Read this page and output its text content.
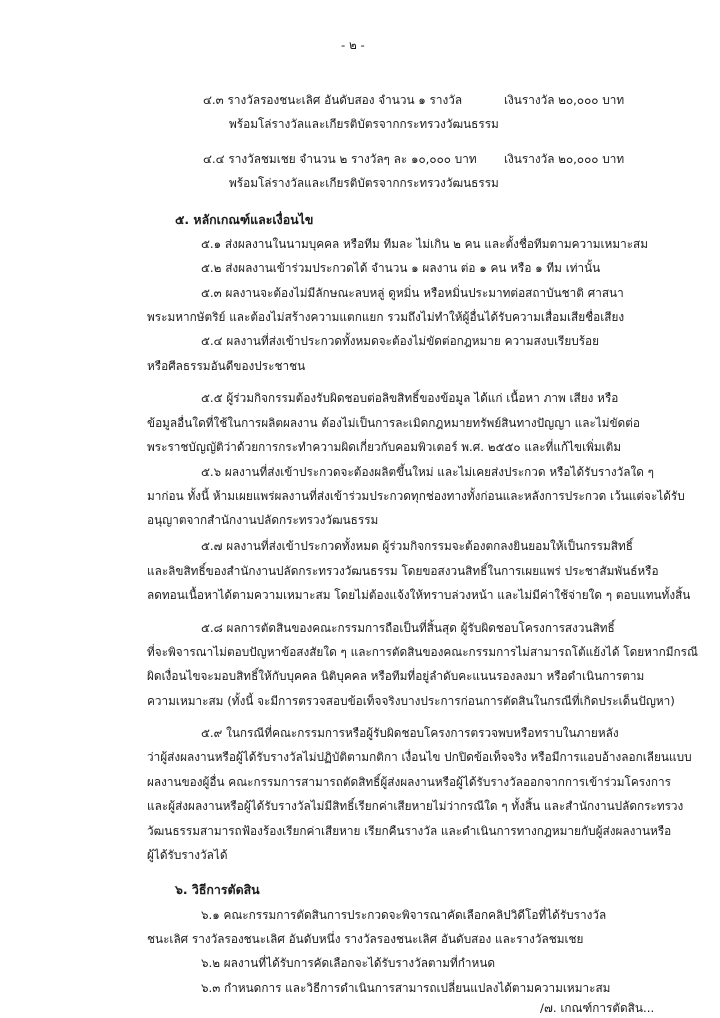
- ๒ -
๔.๓ รางวัลรองชนะเลิศ อันดับสอง จำนวน ๑ รางวัล	เงินรางวัล ๒๐,๐๐๐ บาท
พร้อมโล่รางวัลและเกียรติบัตรจากกระทรวงวัฒนธรรม
๔.๔ รางวัลชมเชย จำนวน ๒ รางวัลๆ ละ ๑๐,๐๐๐ บาท เงินรางวัล ๒๐,๐๐๐ บาท
พร้อมโล่รางวัลและเกียรติบัตรจากกระทรวงวัฒนธรรม
๕. หลักเกณฑ์และเงื่อนไข
๕.๑ ส่งผลงานในนามบุคคล หรือทีม ทีมละ ไม่เกิน ๒ คน และตั้งชื่อทีมตามความเหมาะสม
๕.๒ ส่งผลงานเข้าร่วมประกวดได้ จำนวน ๑ ผลงาน ต่อ ๑ คน หรือ ๑ ทีม เท่านั้น
๕.๓ ผลงานจะต้องไม่มีลักษณะลบหลู่ ดูหมิ่น หรือหมิ่นประมาทต่อสถาบันชาติ ศาสนา
พระมหากษัตริย์ และต้องไม่สร้างความแตกแยก รวมถึงไม่ทำให้ผู้อื่นได้รับความเสื่อมเสียชื่อเสียง
๕.๔ ผลงานที่ส่งเข้าประกวดทั้งหมดจะต้องไม่ขัดต่อกฎหมาย ความสงบเรียบร้อย
หรือศีลธรรมอันดีของประชาชน
๕.๕ ผู้ร่วมกิจกรรมต้องรับผิดชอบต่อลิขสิทธิ์ของข้อมูล ได้แก่ เนื้อหา ภาพ เสียง หรือ
ข้อมูลอื่นใดที่ใช้ในการผลิตผลงาน ต้องไม่เป็นการละเมิดกฎหมายทรัพย์สินทางปัญญา และไม่ขัดต่อ
พระราชบัญญัติว่าด้วยการกระทำความผิดเกี่ยวกับคอมพิวเตอร์ พ.ศ. ๒๕๕๐ และที่แก้ไขเพิ่มเติม
๕.๖ ผลงานที่ส่งเข้าประกวดจะต้องผลิตขึ้นใหม่ และไม่เคยส่งประกวด หรือได้รับรางวัลใด ๆ
มาก่อน ทั้งนี้ ห้ามเผยแพร่ผลงานที่ส่งเข้าร่วมประกวดทุกช่องทางทั้งก่อนและหลังการประกวด เว้นแต่จะได้รับ
อนุญาตจากสำนักงานปลัดกระทรวงวัฒนธรรม
๕.๗ ผลงานที่ส่งเข้าประกวดทั้งหมด ผู้ร่วมกิจกรรมจะต้องตกลงยินยอมให้เป็นกรรมสิทธิ์
และลิขสิทธิ์ของสำนักงานปลัดกระทรวงวัฒนธรรม โดยขอสงวนสิทธิ์ในการเผยแพร่ ประชาสัมพันธ์หรือ
ลดทอนเนื้อหาได้ตามความเหมาะสม โดยไม่ต้องแจ้งให้ทราบล่วงหน้า และไม่มีค่าใช้จ่ายใด ๆ ตอบแทนทั้งสิ้น
๕.๘ ผลการตัดสินของคณะกรรมการถือเป็นที่สิ้นสุด ผู้รับผิดชอบโครงการสงวนสิทธิ์
ที่จะพิจารณาไม่ตอบปัญหาข้อสงสัยใด ๆ และการตัดสินของคณะกรรมการไม่สามารถโต้แย้งได้ โดยหากมีกรณี
ผิดเงื่อนไขจะมอบสิทธิ์ให้กับบุคคล นิติบุคคล หรือทีมที่อยู่ลำดับคะแนนรองลงมา หรือดำเนินการตาม
ความเหมาะสม (ทั้งนี้ จะมีการตรวจสอบข้อเท็จจริงบางประการก่อนการตัดสินในกรณีที่เกิดประเด็นปัญหา)
๕.๙ ในกรณีที่คณะกรรมการหรือผู้รับผิดชอบโครงการตรวจพบหรือทราบในภายหลัง
ว่าผู้ส่งผลงานหรือผู้ได้รับรางวัลไม่ปฏิบัติตามกติกา เงื่อนไข ปกปิดข้อเท็จจริง หรือมีการแอบอ้างลอกเลียนแบบ
ผลงานของผู้อื่น คณะกรรมการสามารถตัดสิทธิ์ผู้ส่งผลงานหรือผู้ได้รับรางวัลออกจากการเข้าร่วมโครงการ
และผู้ส่งผลงานหรือผู้ได้รับรางวัลไม่มีสิทธิ์เรียกค่าเสียหายไม่ว่ากรณีใด ๆ ทั้งสิ้น และสำนักงานปลัดกระทรวง
วัฒนธรรมสามารถฟ้องร้องเรียกค่าเสียหาย เรียกคืนรางวัล และดำเนินการทางกฎหมายกับผู้ส่งผลงานหรือ
ผู้ได้รับรางวัลได้
๖. วิธีการตัดสิน
๖.๑ คณะกรรมการตัดสินการประกวดจะพิจารณาคัดเลือกคลิปวิดีโอที่ได้รับรางวัล
ชนะเลิศ รางวัลรองชนะเลิศ อันดับหนึ่ง รางวัลรองชนะเลิศ อันดับสอง และรางวัลชมเชย
๖.๒ ผลงานที่ได้รับการคัดเลือกจะได้รับรางวัลตามที่กำหนด
๖.๓ กำหนดการ และวิธีการดำเนินการสามารถเปลี่ยนแปลงได้ตามความเหมาะสม
/๗. เกณฑ์การตัดสิน...
